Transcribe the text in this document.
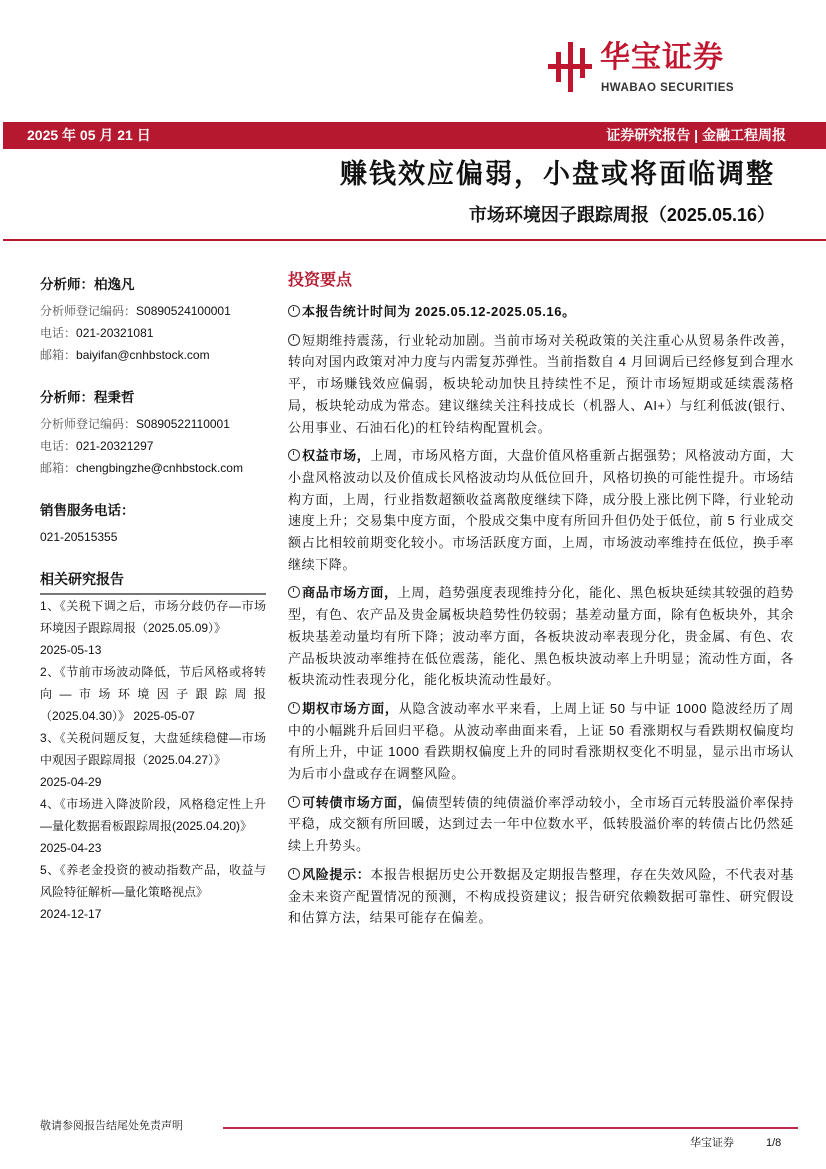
华宝证券
HWABAO SECURITIES
2025 年 05 月 21 日	证券研究报告 | 金融工程周报
赚钱效应偏弱，小盘或将面临调整
市场环境因子跟踪周报（2025.05.16）
分析师：柏逸凡
分析师登记编码：S0890524100001
电话：021-20321081
邮箱：baiyifan@cnhbstock.com
分析师：程秉哲
分析师登记编码：S0890522110001
电话：021-20321297
邮箱：chengbingzhe@cnhbstock.com
销售服务电话：
021-20515355
相关研究报告
1、《关税下调之后，市场分歧仍存—市场环境因子跟踪周报（2025.05.09）》
2025-05-13
2、《节前市场波动降低，节后风格或将转向—市场环境因子跟踪周报（2025.04.30）》 2025-05-07
3、《关税问题反复，大盘延续稳健—市场中观因子跟踪周报（2025.04.27）》
2025-04-29
4、《市场进入降波阶段，风格稳定性上升—量化数据看板跟踪周报(2025.04.20)》
2025-04-23
5、《养老金投资的被动指数产品，收益与风险特征解析—量化策略视点》
2024-12-17
投资要点
本报告统计时间为 2025.05.12-2025.05.16。
短期维持震荡，行业轮动加剧。当前市场对关税政策的关注重心从贸易条件改善，转向对国内政策对冲力度与内需复苏弹性。当前指数自 4 月回调后已经修复到合理水平，市场赚钱效应偏弱，板块轮动加快且持续性不足，预计市场短期或延续震荡格局，板块轮动成为常态。建议继续关注科技成长（机器人、AI+）与红利低波(银行、公用事业、石油石化)的杠铃结构配置机会。
权益市场，上周，市场风格方面，大盘价值风格重新占据强势；风格波动方面，大小盘风格波动以及价值成长风格波动均从低位回升，风格切换的可能性提升。市场结构方面，上周，行业指数超额收益离散度继续下降，成分股上涨比例下降，行业轮动速度上升；交易集中度方面，个股成交集中度有所回升但仍处于低位，前 5 行业成交额占比相较前期变化较小。市场活跃度方面，上周，市场波动率维持在低位，换手率继续下降。
商品市场方面，上周，趋势强度表现维持分化，能化、黑色板块延续其较强的趋势型，有色、农产品及贵金属板块趋势性仍较弱；基差动量方面，除有色板块外，其余板块基差动量均有所下降；波动率方面，各板块波动率表现分化，贵金属、有色、农产品板块波动率维持在低位震荡，能化、黑色板块波动率上升明显；流动性方面，各板块流动性表现分化，能化板块流动性最好。
期权市场方面，从隐含波动率水平来看，上周上证 50 与中证 1000 隐波经历了周中的小幅跳升后回归平稳。从波动率曲面来看，上证 50 看涨期权与看跌期权偏度均有所上升，中证 1000 看跌期权偏度上升的同时看涨期权变化不明显，显示出市场认为后市小盘或存在调整风险。
可转债市场方面，偏债型转债的纯债溢价率浮动较小，全市场百元转股溢价率保持平稳，成交额有所回暖，达到过去一年中位数水平，低转股溢价率的转债占比仍然延续上升势头。
风险提示：本报告根据历史公开数据及定期报告整理，存在失效风险，不代表对基金未来资产配置情况的预测，不构成投资建议；报告研究依赖数据可靠性、研究假设和估算方法，结果可能存在偏差。
敬请参阅报告结尾处免责声明
华宝证券	1/8
